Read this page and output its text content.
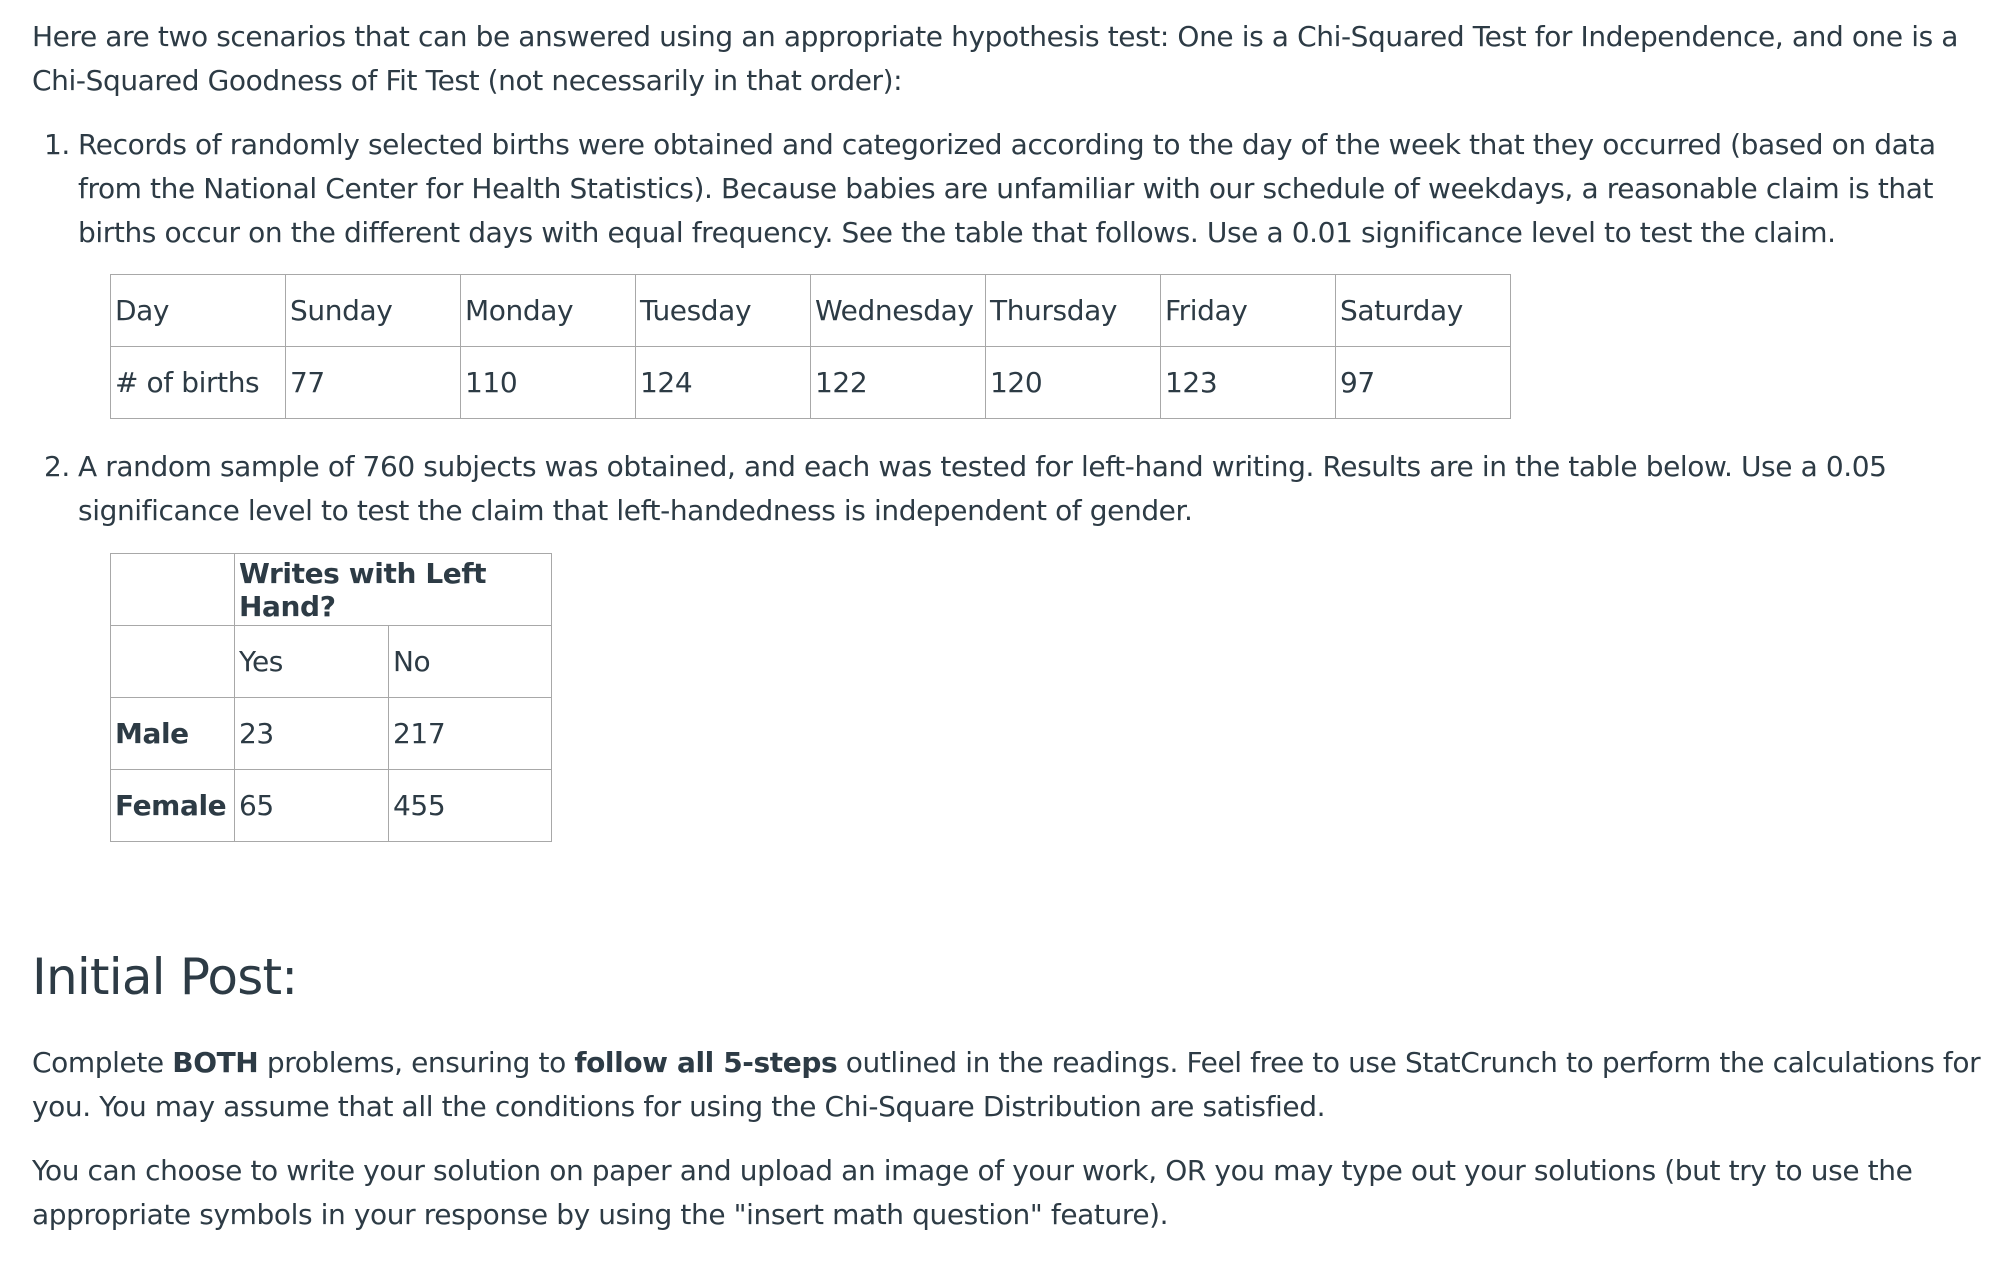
Here are two scenarios that can be answered using an appropriate hypothesis test: One is a Chi-Squared Test for Independence, and one is a Chi-Squared Goodness of Fit Test (not necessarily in that order):

1. Records of randomly selected births were obtained and categorized according to the day of the week that they occurred (based on data from the National Center for Health Statistics). Because babies are unfamiliar with our schedule of weekdays, a reasonable claim is that births occur on the different days with equal frequency. See the table that follows. Use a 0.01 significance level to test the claim.
2. A random sample of 760 subjects was obtained, and each was tested for left-hand writing. Results are in the table below. Use a 0.05 significance level to test the claim that left-handedness is independent of gender.
Day	Sunday	Monday	Tuesday	Wednesday	Thursday	Friday	Saturday
# of births	77	110	124	122	120	123	97
	Writes with Left Hand?	
	Yes	No
Male	23	217
Female	65	455
Initial Post:

Complete BOTH problems, ensuring to follow all 5-steps outlined in the readings. Feel free to use StatCrunch to perform the calculations for you. You may assume that all the conditions for using the Chi-Square Distribution are satisfied.

You can choose to write your solution on paper and upload an image of your work, OR you may type out your solutions (but try to use the appropriate symbols in your response by using the "insert math question" feature).
